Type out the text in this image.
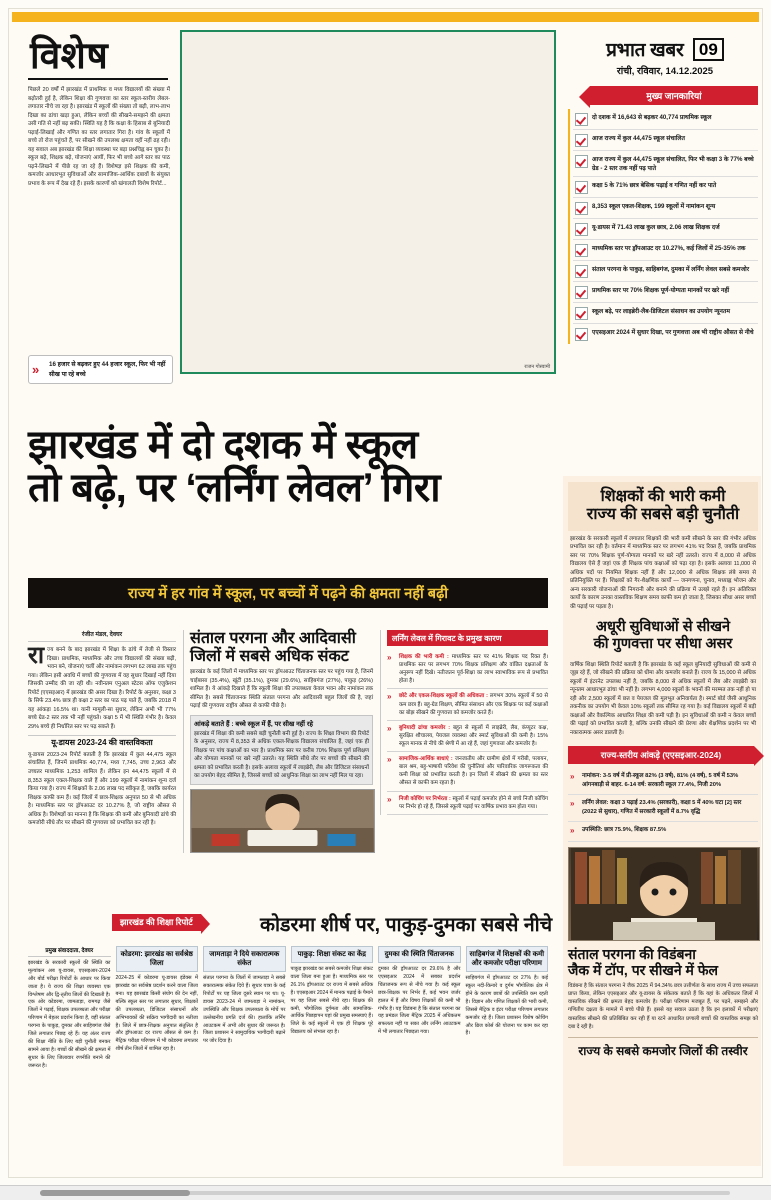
विशेष	प्रभात खबर 09
रांची, रविवार, 14.12.2025
पिछले 20 वर्षों में झारखंड में प्राथमिक व मध्य विद्यालयों की संख्या में बढ़ोतरी हुई है, लेकिन शिक्षा की गुणवत्ता का स्तर स्कूल-स्तरीय लेबल-लगातार नीचे जा रहा है। झारखंड में स्कूलों की संख्या तो बढ़ी, लाभ-लाभ दिखा का ढांचा खड़ा हुआ, लेकिन बच्चों की सीखने-समझने की क्षमता उसी गति से नहीं बढ़ सकी। स्थिति यह है कि कक्षा के हिसाब से बुनियादी पढ़ाई-लिखाई और गणित का स्तर लगातार गिरा है। गांव के स्कूलों में बच्चे तो रोज पहुंचते हैं, पर सीखने की उपलब्ध क्षमता वहीं नहीं ढह रही। यह सवाल अब झारखंड की शिक्षा व्यवस्था पर बड़ा प्रश्नचिह्न बन चुका है। स्कूल बढ़े, शिक्षक बढ़े, योजनाएं आयीं, फिर भी बच्चे आगे स्तर का पाठ पढ़ने-लिखने में पीछे रह जा रहे हैं। विशेषज्ञ इसे शिक्षक की कमी, कमजोर आधारभूत सुविधाओं और सामाजिक-आर्थिक दबावों के संयुक्त प्रभाव के रूप में देख रहे हैं। इसके कारणों को खंगालती विशेष रिपोर्ट...
» 16 हजार से बढ़कर हुए 44 हजार स्कूल, फिर भी नहीं सीख पा रहे बच्चे
राजन गोस्वामी
मुख्य जानकारियां
दो दशक में 16,643 से बढ़कर 40,774 प्राथमिक स्कूल
आज राज्य में कुल 44,475 स्कूल संचालित
आज राज्य में कुल 44,475 स्कूल संचालित, फिर भी कक्षा 3 के 77% बच्चे ग्रेड - 2 स्तर तक नहीं पढ़ पाते
कक्षा 5 के 71% छात्र बेसिक पढ़ाई व गणित नहीं कर पाते
8,353 स्कूल एकल-शिक्षक, 199 स्कूलों में नामांकन शून्य
यू-डायस में 71.43 लाख कुल छात्र, 2.06 लाख शिक्षक दर्ज
माध्यमिक स्तर पर ड्रॉपआउट दर 10.27%, कई जिलों में 25-35% तक
संताल परगना के पाकुड़, साहिबगंज, दुमका में लर्निंग लेवल सबसे कमजोर
प्राथमिक स्तर पर 70% शिक्षक पूर्ण-योग्यता मानकों पर खरे नहीं
स्कूल बढ़े, पर लाइब्रेरी-लैब-डिजिटल संसाधन का उपयोग न्यूनतम
एएसइआर 2024 में सुधार दिखा, पर गुणवत्ता अब भी राष्ट्रीय औसत से नीचे
झारखंड में दो दशक में स्कूल
तो बढ़े, पर ‘लर्निंग लेवल’ गिरा
राज्य में हर गांव में स्कूल, पर बच्चों में पढ़ने की क्षमता नहीं बढ़ी
रंजीत मंडल, देवघर
राज्य बनने के बाद झारखंड में शिक्षा के ढांचे में तेजी से विस्तार दिखा। प्राथमिक, माध्यमिक और उच्च विद्यालयों की संख्या बढ़ी, भवन बने, योजनाएं चलीं और नामांकन लगभग 62 लाख तक पहुंच गया। लेकिन इसी अवधि में बच्चों की गुणवत्ता में वह सुधार दिखाई नहीं दिया जिसकी उम्मीद की जा रही थी। नवीनतम एनुअल स्टेटस ऑफ एजुकेशन रिपोर्ट (एएसइआर) में झारखंड की असर दिखा है। रिपोर्ट के अनुसार, कक्षा 3 के सिर्फ 23.4% छात्र ही कक्षा 2 स्तर का पाठ पढ़ पाते हैं, जबकि 2018 में यह आंकड़ा 16.5% था। यानी मामूली-सा सुधार, लेकिन अभी भी 77% बच्चे ग्रेड-2 स्तर तक भी नहीं पहुंचते। कक्षा 5 में भी स्थिति गंभीर है। केवल 29% बच्चे ही निर्धारित स्तर पर पढ़ सकते हैं।
यू-डायस 2023-24 की वास्तविकता
यू-डायस 2023-24 रिपोर्ट बताती है कि झारखंड में कुल 44,475 स्कूल संचालित हैं, जिनमें प्राथमिक 40,774, मध्य 7,745, उच्च 2,963 और उच्चतर माध्यमिक 1,253 शामिल हैं। लेकिन इन 44,475 स्कूलों में से 8,353 स्कूल एकल-शिक्षक वाले हैं और 199 स्कूलों में नामांकन शून्य दर्ज किया गया है। राज्य में शिक्षकों के 2.06 लाख पद स्वीकृत हैं, जबकि कार्यरत शिक्षक काफी कम हैं। कई जिलों में छात्र-शिक्षक अनुपात 50 से भी अधिक है। माध्यमिक स्तर पर ड्रॉपआउट दर 10.27% है, जो राष्ट्रीय औसत से अधिक है। विशेषज्ञों का मानना है कि शिक्षक की कमी और बुनियादी ढांचे की कमजोरी सीधे तौर पर सीखने की गुणवत्ता को प्रभावित कर रही है।
संताल परगना और आदिवासी जिलों में सबसे अधिक संकट
झारखंड के कई जिलों में माध्यमिक स्तर पर ड्रॉपआउट चिंताजनक स्तर पर पहुंच गया है, जिनमें चाईबासा (35.4%), खूंटी (35.1%), दुमका (29.6%), साहिबगंज (27%), पाकुड़ (26%) शामिल हैं। ये आंकड़े दिखाते हैं कि स्कूली शिक्षा की उपलब्धता केवल भवन और नामांकन तक सीमित है। सबसे चिंताजनक स्थिति संताल परगना और आदिवासी बहुल जिलों की है, जहां पढ़ाई की गुणवत्ता राष्ट्रीय औसत से काफी पीछे है।
आंकड़े बताते हैं : बच्चे स्कूल में हैं, पर सीख नहीं रहे
झारखंड में शिक्षा की कमी सबसे बड़ी चुनौती बनी हुई है। राज्य के शिक्षा विभाग की रिपोर्ट के अनुसार, राज्य में 8,353 से अधिक एकल-शिक्षक विद्यालय संचालित हैं, जहां एक ही शिक्षक पर पांच कक्षाओं का भार है। प्राथमिक स्तर पर करीब 70% शिक्षक पूर्ण प्रशिक्षण और योग्यता मानकों पर खरे नहीं उतरते। यह स्थिति सीधे तौर पर बच्चों की सीखने की क्षमता को प्रभावित करती है। इसके अलावा स्कूलों में लाइब्रेरी, लैब और डिजिटल संसाधनों का उपयोग बेहद सीमित है, जिससे बच्चों को आधुनिक शिक्षा का लाभ नहीं मिल पा रहा।
लर्निंग लेवल में गिरावट के प्रमुख कारण
»	शिक्षक की भारी कमी : माध्यमिक स्तर पर 41% शिक्षक पद रिक्त हैं। प्राथमिक स्तर पर लगभग 70% शिक्षक प्रशिक्षण और वांछित दक्षताओं के अनुरूप नहीं दिखे। नतीजतन पूर्व-शिक्षा का लाभ स्वाभाविक रूप से प्रभावित होता है।
»	छोटे और एकल-शिक्षक स्कूलों की अधिकता : लगभग 30% स्कूलों में 50 से कम छात्र हैं। बहु-ग्रेड शिक्षण, सीमित संसाधन और एक शिक्षक पर कई कक्षाओं का बोझ सीखने की गुणवत्ता को कमजोर करते हैं।
»	बुनियादी ढांचा कमजोर : बहुत से स्कूलों में लाइब्रेरी, लैब, कंप्यूटर कक्ष, सुरक्षित शौचालय, पेयजल व्यवस्था और स्मार्ट सुविधाओं की कमी है। 15% स्कूल मानक से नीचे की श्रेणी में आ रहे हैं, जहां गुणवत्ता और कमजोर है।
»	सामाजिक-आर्थिक बाधाएं : जनजातीय और ग्रामीण क्षेत्रों में गरीबी, पलायन, बाल श्रम, बहु-भाषायी परिवेश की चुनौतियां और पारिवारिक जागरूकता की कमी शिक्षा को प्रभावित करती है। इन जिलों में सीखने की क्षमता का स्तर औसत से काफी कम रहता है।
»	निजी कोचिंग पर निर्भरता : स्कूलों में पढ़ाई कमजोर होने से बच्चे निजी कोचिंग पर निर्भर हो रहे हैं, जिससे स्कूली पढ़ाई पर वार्षिक प्रभाव कम होता गया।
झारखंड की शिक्षा रिपोर्ट	कोडरमा शीर्ष पर, पाकुड़-दुमका सबसे नीचे
प्रमुख संवाददाता, देवघर
झारखंड के सरकारी स्कूलों की स्थिति का मूल्यांकन अब यू-डायस, एएसइआर-2024 और बोर्ड परीक्षा रिपोर्टों के आधार पर किया जाता है। ये राज्य की शिक्षा व्यवस्था एक विश्लेषण और द्वि-तृतीय जिलों की दिखाती है। एक ओर कोडरमा, जामताड़ा, रामगढ़ जैसे जिलों ने पढ़ाई, शिक्षक उपलब्धता और परीक्षा परिणाम में बेहतर प्रदर्शन किया है, वहीं संताल परगना के पाकुड़, दुमका और साहिबगंज जैसे जिले लगातार पिछड़ रहे हैं। यह अंतर राज्य की शिक्षा नीति के लिए बड़ी चुनौती बनकर सामने आया है। बच्चों की सीखने की क्षमता में सुधार के लिए जिलावार रणनीति बनाने की जरूरत है।
कोडरमा: झारखंड का सर्वश्रेष्ठ जिला
2024-25 में कोडरमा यू-डायस इंडेक्स में झारखंड का सर्वश्रेष्ठ प्रदर्शन करने वाला जिला बना। यह झारखंड किसी संयोग की देन नहीं, बल्कि स्कूल स्तर पर लगातार सुधार, शिक्षकों की उपलब्धता, डिजिटल संसाधनों और अभिभावकों की सक्रिय भागीदारी का नतीजा है। जिले में छात्र-शिक्षक अनुपात संतुलित है और ड्रॉपआउट दर राज्य औसत से कम है। मैट्रिक परीक्षा परिणाम में भी कोडरमा लगातार शीर्ष तीन जिलों में शामिल रहा है।
जामताड़ा ने दिये सकारात्मक संकेत
संताल परगना के जिलों में जामताड़ा ने सबसे सकारात्मक संकेत दिये हैं। सुधार यात्रा के कई रिपोर्टों पर यह जिला दूसरे स्थान पर था। यू-डायस 2023-24 में जामताड़ा ने नामांकन, उपस्थिति और शिक्षक उपलब्धता के मोर्चे पर उल्लेखनीय प्रगति दर्ज की। हालांकि लर्निंग आउटकम में अभी और सुधार की जरूरत है। जिला प्रशासन ने सामुदायिक भागीदारी बढ़ाने पर जोर दिया है।
पाकुड़: शिक्षा संकट का केंद्र
पाकुड़ झारखंड का सबसे कमजोर शिक्षा संकट वाला जिला बना हुआ है। माध्यमिक स्तर पर 26.1% ड्रॉपआउट दर राज्य में सबसे अधिक है। एएसइआर 2024 में मानक पढ़ाई के पैमाने पर यह जिला सबसे नीचे रहा। शिक्षक की कमी, भौगोलिक दुर्गमता और सामाजिक-आर्थिक पिछड़ापन यहां की प्रमुख समस्याएं हैं। जिले के कई स्कूलों में एक ही शिक्षक पूरे विद्यालय को संभाल रहा है।
दुमका की स्थिति चिंताजनक
दुमका की ड्रॉपआउट दर 29.6% है और एएसइआर 2024 में सबका प्रदर्शन चिंताजनक रूप से नीचे गया है। कई स्कूल छात्र-शिक्षक पर निर्भर हैं, कई भवन जर्जर हालत में हैं और विषय शिक्षकों की कमी भी गंभीर है। यह विडंबना है कि संताल परगना का यह प्रमंडल जिला मैट्रिक 2025 में अधिकतम सफलता नहीं पा सका और लर्निंग आउटकम में भी लगातार पिछड़ता गया।
साहिबगंज में शिक्षकों की कमी और कमजोर परीक्षा परिणाम
साहिबगंज में ड्रॉपआउट दर 27% है। कई स्कूल नदी-किनारे व दुर्गम भौगोलिक क्षेत्र में होने के कारण छात्रों की उपस्थिति कम रहती है। विज्ञान और गणित शिक्षकों की भारी कमी, जिससे मैट्रिक व इंटर परीक्षा परिणाम लगातार कमजोर रहे हैं। जिला प्रशासन विशेष कोचिंग और ब्रिज कोर्स की योजना पर काम कर रहा है।
शिक्षकों की भारी कमी
राज्य की सबसे बड़ी चुनौती
झारखंड के सरकारी स्कूलों में लगातार शिक्षकों की भारी कमी सीखने के स्तर की गंभीर अधिक प्रभावित कर रही है। वर्तमान में माध्यमिक स्तर पर लगभग 41% पद रिक्त हैं, जबकि प्राथमिक स्तर पर 70% शिक्षक पूर्ण-योग्यता मानकों पर खरे नहीं उतरते। राज्य में 8,000 से अधिक विद्यालय ऐसे हैं जहां एक ही शिक्षक पांच कक्षाओं को पढ़ा रहा है। इसके अलावा 11,000 से अधिक पदों पर नियमित शिक्षक नहीं हैं और 12,000 से अधिक शिक्षक लंबे समय से प्रतिनियुक्ति पर हैं। शिक्षकों को गैर-शैक्षणिक कार्यों — जनगणना, चुनाव, मध्याह्न भोजन और अन्य सरकारी योजनाओं की निगरानी और बनाने की प्रक्रिया में उलझे रहते हैं। इन अतिरिक्त कार्यों के कारण उनका वास्तविक शिक्षण समय काफी कम हो जाता है, जिसका सीधा असर बच्चों की पढ़ाई पर पड़ता है।
अधूरी सुविधाओं से सीखने
की गुणवत्ता पर सीधा असर
वार्षिक शिक्षा स्थिति रिपोर्ट बताती है कि झारखंड के कई स्कूल बुनियादी सुविधाओं की कमी से जूझ रहे हैं, जो सीखने की प्रक्रिया को धीमा और कमजोर बनाते हैं। राज्य के 15,000 से अधिक स्कूलों में इंटरनेट उपलब्ध नहीं है, जबकि 8,000 से अधिक स्कूलों में लैब और लाइब्रेरी का न्यूनतम आधारभूत ढांचा भी नहीं है। लगभग 4,000 स्कूलों के भवनों की मरम्मत तक नहीं हो पा रही और 2,500 स्कूलों में छत व पेयजल की मूलभूत अनिवार्यता है। स्मार्ट बोर्ड जैसी आधुनिक तकनीक का उपयोग भी केवल 10% स्कूलों तक सीमित रह गया है। कई विद्यालय स्कूलों में बड़ी कक्षाओं और वैकल्पिक आधारित शिक्षा की कमी पड़ी है। इन सुविधाओं की कमी न केवल बच्चों की पढ़ाई को प्रभावित करती है, बल्कि उनकी सीखने की प्रेरणा और शैक्षणिक प्रदर्शन पर भी नकारात्मक असर डालती है।
राज्य-स्तरीय आंकड़े (एएसइआर-2024)
»	नामांकन: 3-5 वर्ष में प्री-स्कूल 82% (3 वर्ष), 81% (4 वर्ष), 5 वर्ष में 53% आंगनबाड़ी से बाहर. 6-14 वर्ष: सरकारी स्कूल 77.4%, निजी 20%
»	लर्निंग लेवल: कक्षा 3 पढ़ाई 23.4% (सरकारी), कक्षा 5 में 40% घटा [2] स्तर (2022 से सुधार), गणित में सरकारी स्कूलों में 8.7% वृद्धि
»	उपस्थिति: छात्र 75.9%, शिक्षक 87.5%
संताल परगना की विडंबना
जैक में टॉप, पर सीखने में फेल
विडंबना है कि संताल परगना ने जैक 2025 में 94.34% छात्र उत्तीर्णता के साथ राज्य में उच्च सफलता प्राप्त किया, लेकिन एएसइआर और यू-डायस के संकेतक बताते हैं कि यहां के अधिकतर जिलों में वास्तविक सीखने की क्षमता बेहद कमजोर है। परीक्षा परिणाम मजबूत हैं, पर पढ़ने, समझने और गणितीय दक्षता के मामले में बच्चे पीछे हैं। इससे यह सवाल उठता है कि इन इलाकों में परीक्षाएं वास्तविक सीखने की प्रतिबिंबित कर रही हैं या रटने आधारित प्रणाली बच्चों की वास्तविक समझ को दबा दे रही है।
राज्य के सबसे कमजोर जिलों की तस्वीर
